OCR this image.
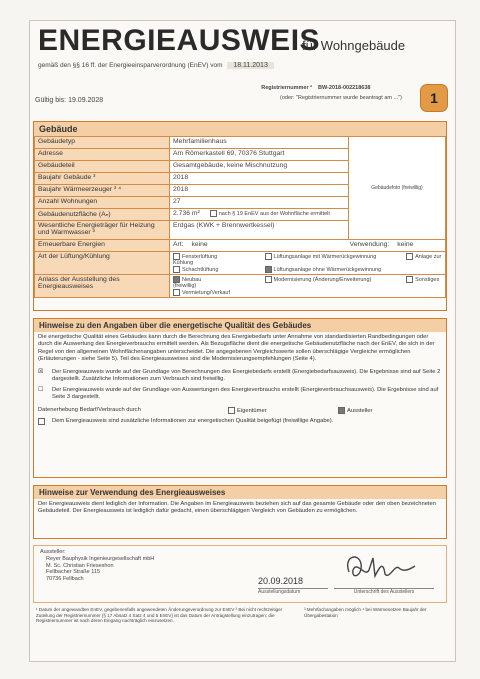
ENERGIEAUSWEIS
für Wohngebäude
gemäß den §§ 16 ff. der Energieeinsparverordnung (EnEV) vom 18.11.2013
Registriernummer ² BW-2018-002218638
(oder: "Registriernummer wurde beantragt am ...")
Gültig bis: 19.09.2028	1
Gebäude
Gebäudetyp	Mehrfamilienhaus	Gebäudefoto (freiwillig)
Adresse	Am Römerkastell 69, 70376 Stuttgart	
Gebäudeteil	Gesamtgebäude, keine Mischnutzung	
Baujahr Gebäude ³	2018	
Baujahr Wärmeerzeuger ³ ⁴	2018	
Anzahl Wohnungen	27	
Gebäudenutzfläche (Aₙ)	2.736 m² nach § 19 EnEV aus der Wohnfläche ermittelt	
Wesentliche Energieträger für Heizung und Warmwasser ³	Erdgas (KWK + Brennwertkessel)	
Erneuerbare Energien	Art: keine Verwendung: keine	
Art der Lüftung/Kühlung	Fensterlüftung Lüftungsanlage mit Wärmerückgewinnung Anlage zur Kühlung
Schachtlüftung Lüftungsanlage ohne Wärmerückgewinnung	

Anlass der Ausstellung des Energieausweises	Neubau Modernisierung (Änderung/Erweiterung) Sonstiges (freiwillig)
Vermietung/Verkauf	
Hinweise zu den Angaben über die energetische Qualität des Gebäudes
Die energetische Qualität eines Gebäudes kann durch die Berechnung des Energiebedarfs unter Annahme von standardisierten Randbedingungen oder durch die Auswertung des Energieverbrauchs ermittelt werden. Als Bezugsfläche dient die energetische Gebäudenutzfläche nach der EnEV, die sich in der Regel von den allgemeinen Wohnflächenangaben unterscheidet. Die angegebenen Vergleichswerte sollen überschlägige Vergleiche ermöglichen (Erläuterungen - siehe Seite 5). Teil des Energieausweises sind die Modernisierungsempfehlungen (Seite 4).
☒	Der Energieausweis wurde auf der Grundlage von Berechnungen des Energiebedarfs erstellt (Energiebedarfsausweis). Die Ergebnisse sind auf Seite 2 dargestellt. Zusätzliche Informationen zum Verbrauch sind freiwillig.
☐	Der Energieausweis wurde auf der Grundlage von Auswertungen des Energieverbrauchs erstellt (Energieverbrauchsausweis). Die Ergebnisse sind auf Seite 3 dargestellt.
Datenerhebung Bedarf/Verbrauch durch	Eigentümer	Aussteller
Dem Energieausweis sind zusätzliche Informationen zur energetischen Qualität beigefügt (freiwillige Angabe).
Hinweise zur Verwendung des Energieausweises
Der Energieausweis dient lediglich der Information. Die Angaben im Energieausweis beziehen sich auf das gesamte Gebäude oder den oben bezeichneten Gebäudeteil. Der Energieausweis ist lediglich dafür gedacht, einen überschlägigen Vergleich von Gebäuden zu ermöglichen.
Aussteller:
Reyer Bauphysik Ingenieurgesellschaft mbH
M. Sc. Christian Frieseshon
Fellbacher Straße 115
70736 Fellbach	20.09.2018
Ausstellungsdatum	Unterschrift des Ausstellers
¹ Datum der angewandten EnEV, gegebenenfalls angewendeten Änderungsverordnung zur EnEV ² Bei nicht rechtzeitiger Zuteilung der Registriernummer (§ 17 Absatz 4 Satz 4 und 5 EnEV) ist das Datum der Antragstellung einzutragen; die Registriernummer ist nach deren Eingang nachträglich einzusetzen.
³ Mehrfachangaben möglich ⁴ bei Wärmenetzen Baujahr der Übergabestation
